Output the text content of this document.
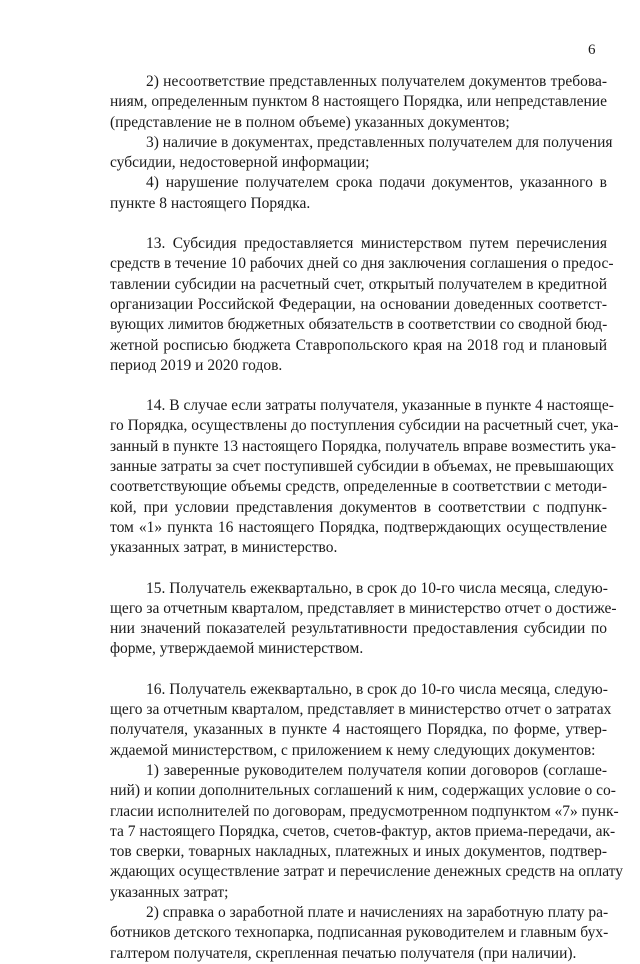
6
2) несоответствие представленных получателем документов требова-
ниям, определенным пунктом 8 настоящего Порядка, или непредставление
(представление не в полном объеме) указанных документов;
3) наличие в документах, представленных получателем для получения
субсидии, недостоверной информации;
4) нарушение получателем срока подачи документов, указанного в
пункте 8 настоящего Порядка.
13. Субсидия предоставляется министерством путем перечисления
средств в течение 10 рабочих дней со дня заключения соглашения о предос-
тавлении субсидии на расчетный счет, открытый получателем в кредитной
организации Российской Федерации, на основании доведенных соответст-
вующих лимитов бюджетных обязательств в соответствии со сводной бюд-
жетной росписью бюджета Ставропольского края на 2018 год и плановый
период 2019 и 2020 годов.
14. В случае если затраты получателя, указанные в пункте 4 настояще-
го Порядка, осуществлены до поступления субсидии на расчетный счет, ука-
занный в пункте 13 настоящего Порядка, получатель вправе возместить ука-
занные затраты за счет поступившей субсидии в объемах, не превышающих
соответствующие объемы средств, определенные в соответствии с методи-
кой, при условии представления документов в соответствии с подпунк-
том «1» пункта 16 настоящего Порядка, подтверждающих осуществление
указанных затрат, в министерство.
15. Получатель ежеквартально, в срок до 10-го числа месяца, следую-
щего за отчетным кварталом, представляет в министерство отчет о достиже-
нии значений показателей результативности предоставления субсидии по
форме, утверждаемой министерством.
16. Получатель ежеквартально, в срок до 10-го числа месяца, следую-
щего за отчетным кварталом, представляет в министерство отчет о затратах
получателя, указанных в пункте 4 настоящего Порядка, по форме, утвер-
ждаемой министерством, с приложением к нему следующих документов:
1) заверенные руководителем получателя копии договоров (соглаше-
ний) и копии дополнительных соглашений к ним, содержащих условие о со-
гласии исполнителей по договорам, предусмотренном подпунктом «7» пунк-
та 7 настоящего Порядка, счетов, счетов-фактур, актов приема-передачи, ак-
тов сверки, товарных накладных, платежных и иных документов, подтвер-
ждающих осуществление затрат и перечисление денежных средств на оплату
указанных затрат;
2) справка о заработной плате и начислениях на заработную плату ра-
ботников детского технопарка, подписанная руководителем и главным бух-
галтером получателя, скрепленная печатью получателя (при наличии).
